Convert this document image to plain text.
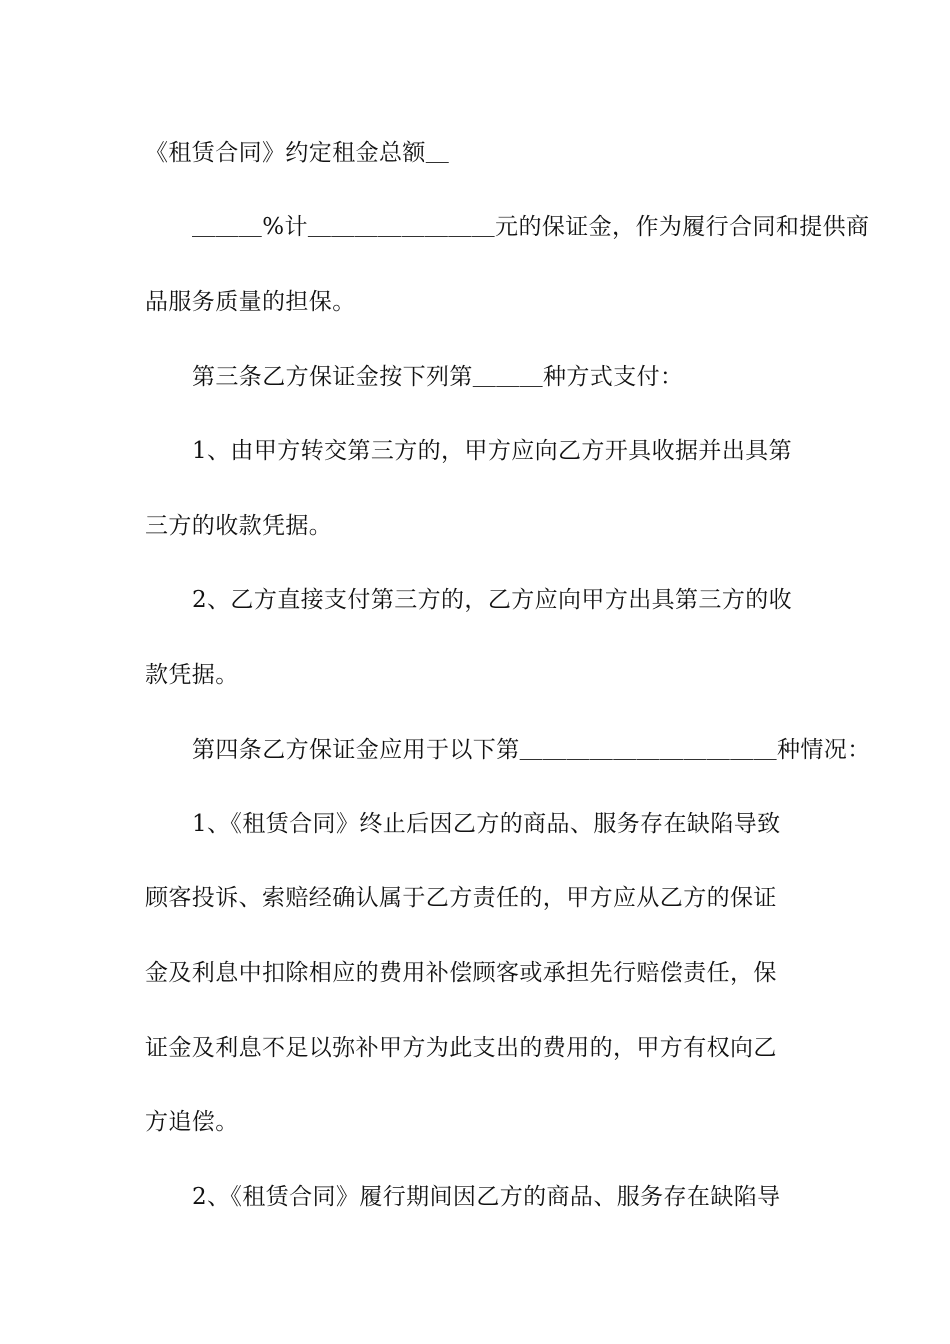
《租赁合同》约定租金总额＿
＿＿＿%计＿＿＿＿＿＿＿＿元的保证金，作为履行合同和提供商
品服务质量的担保。
第三条乙方保证金按下列第＿＿＿种方式支付：
1、由甲方转交第三方的，甲方应向乙方开具收据并出具第
三方的收款凭据。
2、乙方直接支付第三方的，乙方应向甲方出具第三方的收
款凭据。
第四条乙方保证金应用于以下第＿＿＿＿＿＿＿＿＿＿＿种情况：
1、《租赁合同》终止后因乙方的商品、服务存在缺陷导致
顾客投诉、索赔经确认属于乙方责任的，甲方应从乙方的保证
金及利息中扣除相应的费用补偿顾客或承担先行赔偿责任，保
证金及利息不足以弥补甲方为此支出的费用的，甲方有权向乙
方追偿。
2、《租赁合同》履行期间因乙方的商品、服务存在缺陷导
